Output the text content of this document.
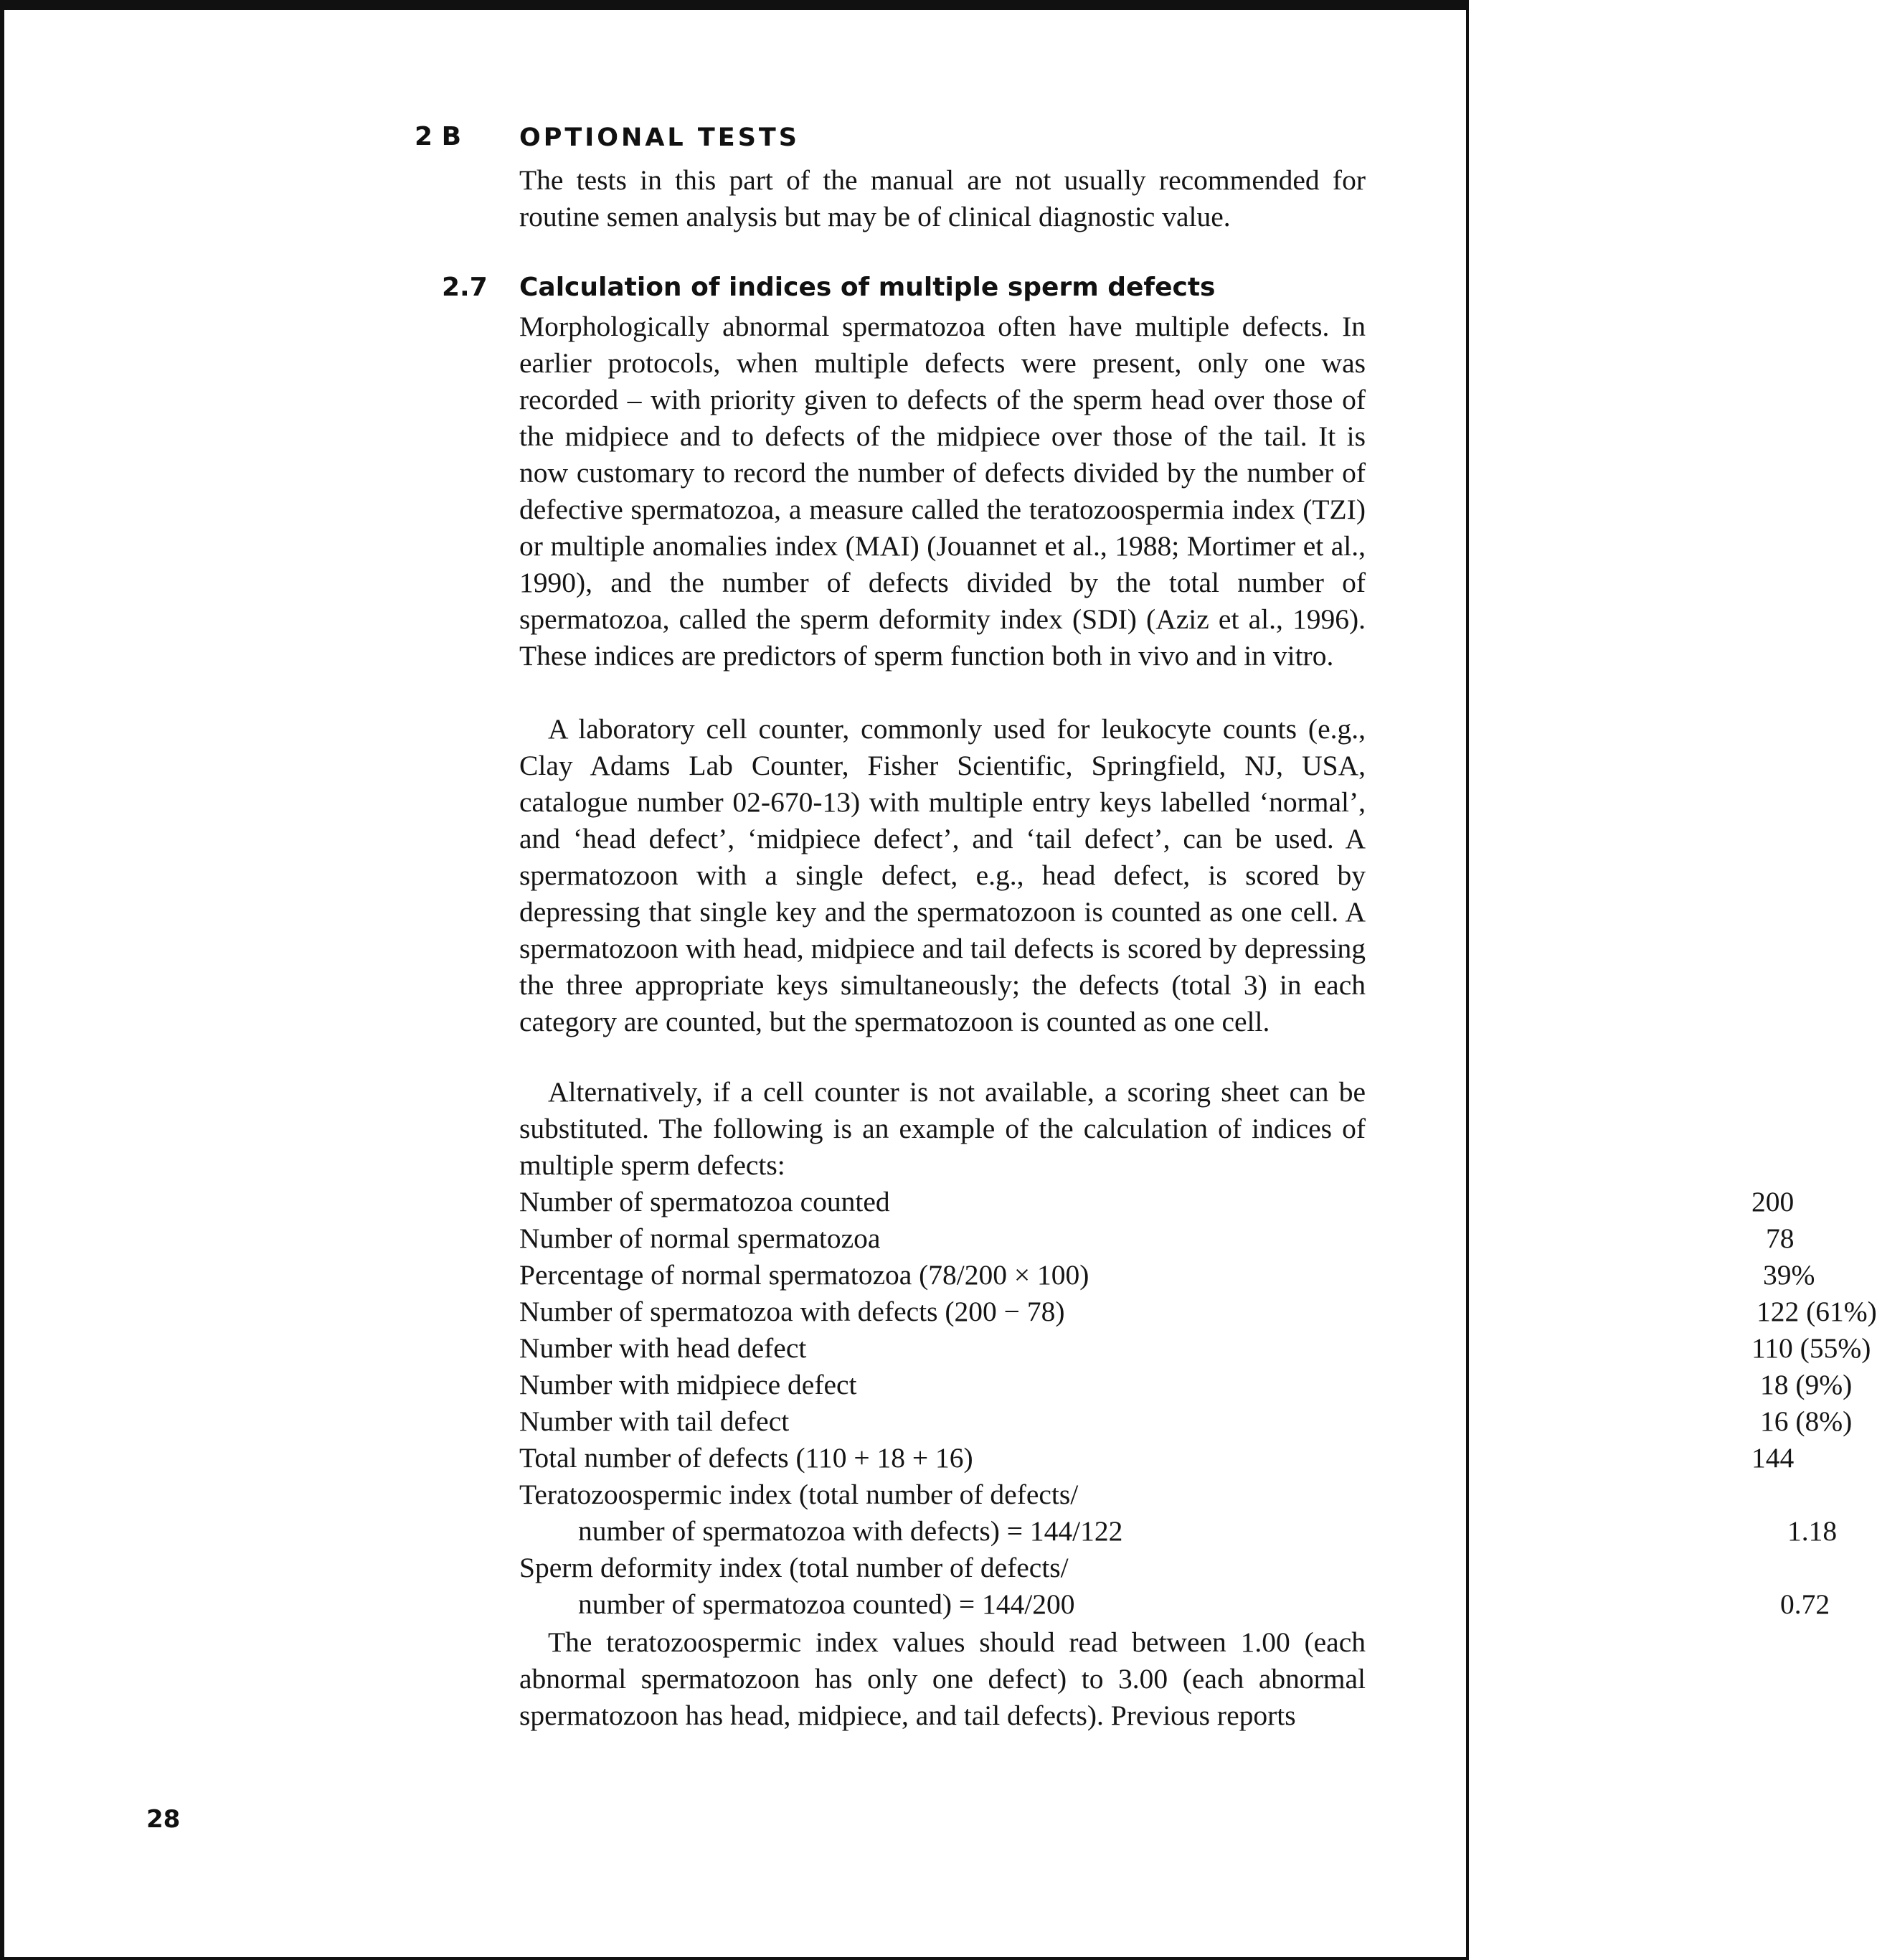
2 B OPTIONAL TESTS

The tests in this part of the manual are not usually recommended for routine semen analysis but may be of clinical diagnostic value.

2.7 Calculation of indices of multiple sperm defects

Morphologically abnormal spermatozoa often have multiple defects. In earlier protocols, when multiple defects were present, only one was recorded – with priority given to defects of the sperm head over those of the midpiece and to defects of the midpiece over those of the tail. It is now customary to record the number of defects divided by the number of defective spermatozoa, a measure called the teratozoospermia index (TZI) or multiple anomalies index (MAI) (Jouannet et al., 1988; Mortimer et al., 1990), and the number of defects divided by the total number of spermatozoa, called the sperm deformity index (SDI) (Aziz et al., 1996). These indices are predictors of sperm function both in vivo and in vitro.

A laboratory cell counter, commonly used for leukocyte counts (e.g., Clay Adams Lab Counter, Fisher Scientific, Springfield, NJ, USA, catalogue number 02-670-13) with multiple entry keys labelled ‘normal’, and ‘head defect’, ‘midpiece defect’, and ‘tail defect’, can be used. A spermatozoon with a single defect, e.g., head defect, is scored by depressing that single key and the spermatozoon is counted as one cell. A spermatozoon with head, midpiece and tail defects is scored by depressing the three appropriate keys simultaneously; the defects (total 3) in each category are counted, but the spermatozoon is counted as one cell.

Alternatively, if a cell counter is not available, a scoring sheet can be substituted. The following is an example of the calculation of indices of multiple sperm defects:

Number of spermatozoa counted	200
Number of normal spermatozoa	78
Percentage of normal spermatozoa (78/200 × 100)	39%
Number of spermatozoa with defects (200 − 78)	122 (61%)
Number with head defect	110 (55%)
Number with midpiece defect	18 (9%)
Number with tail defect	16 (8%)
Total number of defects (110 + 18 + 16)	144
Teratozoospermic index (total number of defects/
number of spermatozoa with defects) = 144/122	1.18
Sperm deformity index (total number of defects/
number of spermatozoa counted) = 144/200	0.72

The teratozoospermic index values should read between 1.00 (each abnormal spermatozoon has only one defect) to 3.00 (each abnormal spermatozoon has head, midpiece, and tail defects). Previous reports

28
